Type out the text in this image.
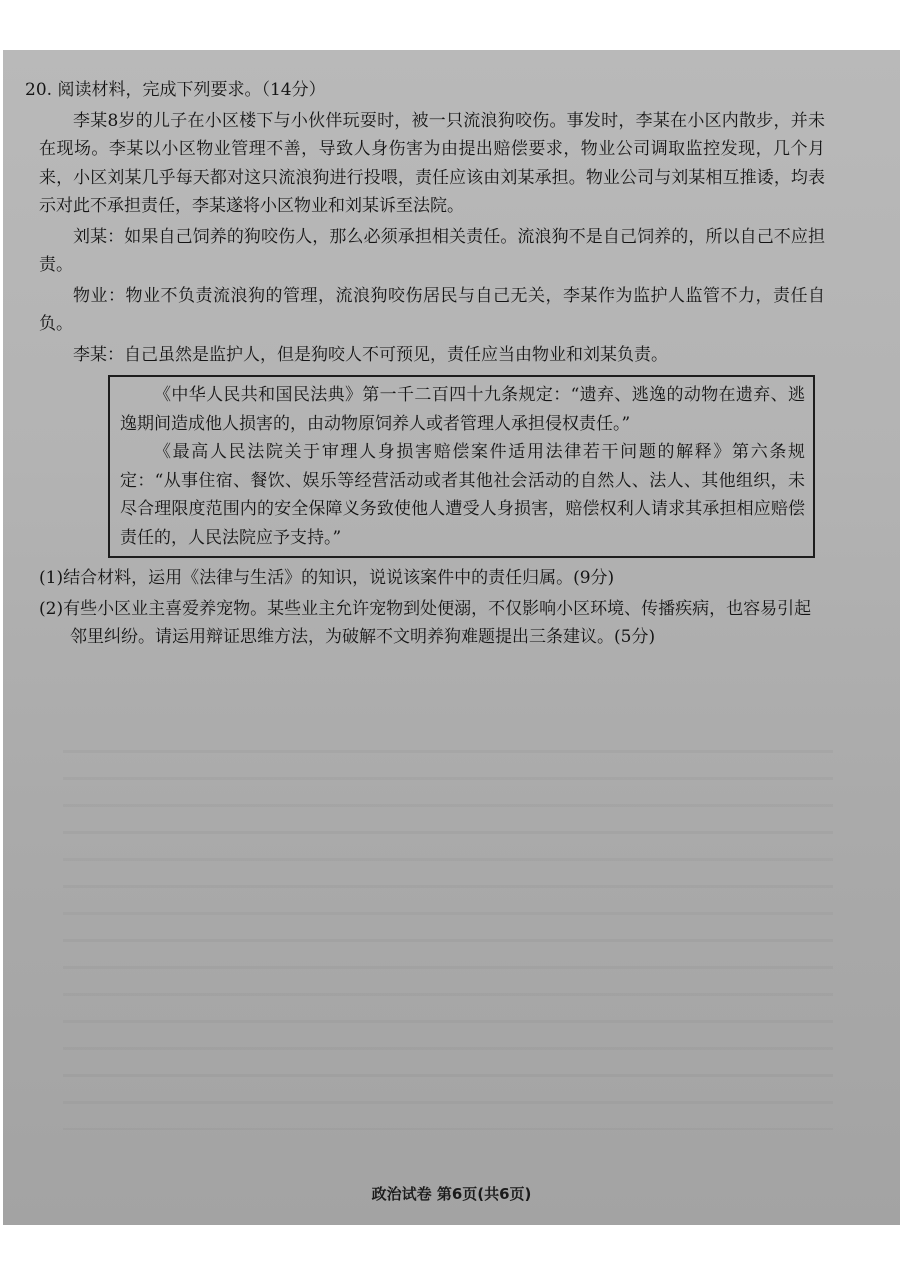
20. 阅读材料，完成下列要求。（14分）

李某8岁的儿子在小区楼下与小伙伴玩耍时，被一只流浪狗咬伤。事发时，李某在小区内散步，并未在现场。李某以小区物业管理不善，导致人身伤害为由提出赔偿要求，物业公司调取监控发现，几个月来，小区刘某几乎每天都对这只流浪狗进行投喂，责任应该由刘某承担。物业公司与刘某相互推诿，均表示对此不承担责任，李某遂将小区物业和刘某诉至法院。

刘某：如果自己饲养的狗咬伤人，那么必须承担相关责任。流浪狗不是自己饲养的，所以自己不应担责。

物业：物业不负责流浪狗的管理，流浪狗咬伤居民与自己无关，李某作为监护人监管不力，责任自负。

李某：自己虽然是监护人，但是狗咬人不可预见，责任应当由物业和刘某负责。

《中华人民共和国民法典》第一千二百四十九条规定：“遗弃、逃逸的动物在遗弃、逃逸期间造成他人损害的，由动物原饲养人或者管理人承担侵权责任。”

《最高人民法院关于审理人身损害赔偿案件适用法律若干问题的解释》第六条规定：“从事住宿、餐饮、娱乐等经营活动或者其他社会活动的自然人、法人、其他组织，未尽合理限度范围内的安全保障义务致使他人遭受人身损害，赔偿权利人请求其承担相应赔偿责任的，人民法院应予支持。”

(1)结合材料，运用《法律与生活》的知识，说说该案件中的责任归属。(9分)

(2)有些小区业主喜爱养宠物。某些业主允许宠物到处便溺，不仅影响小区环境、传播疾病，也容易引起邻里纠纷。请运用辩证思维方法，为破解不文明养狗难题提出三条建议。(5分)

政治试卷 第6页(共6页)
